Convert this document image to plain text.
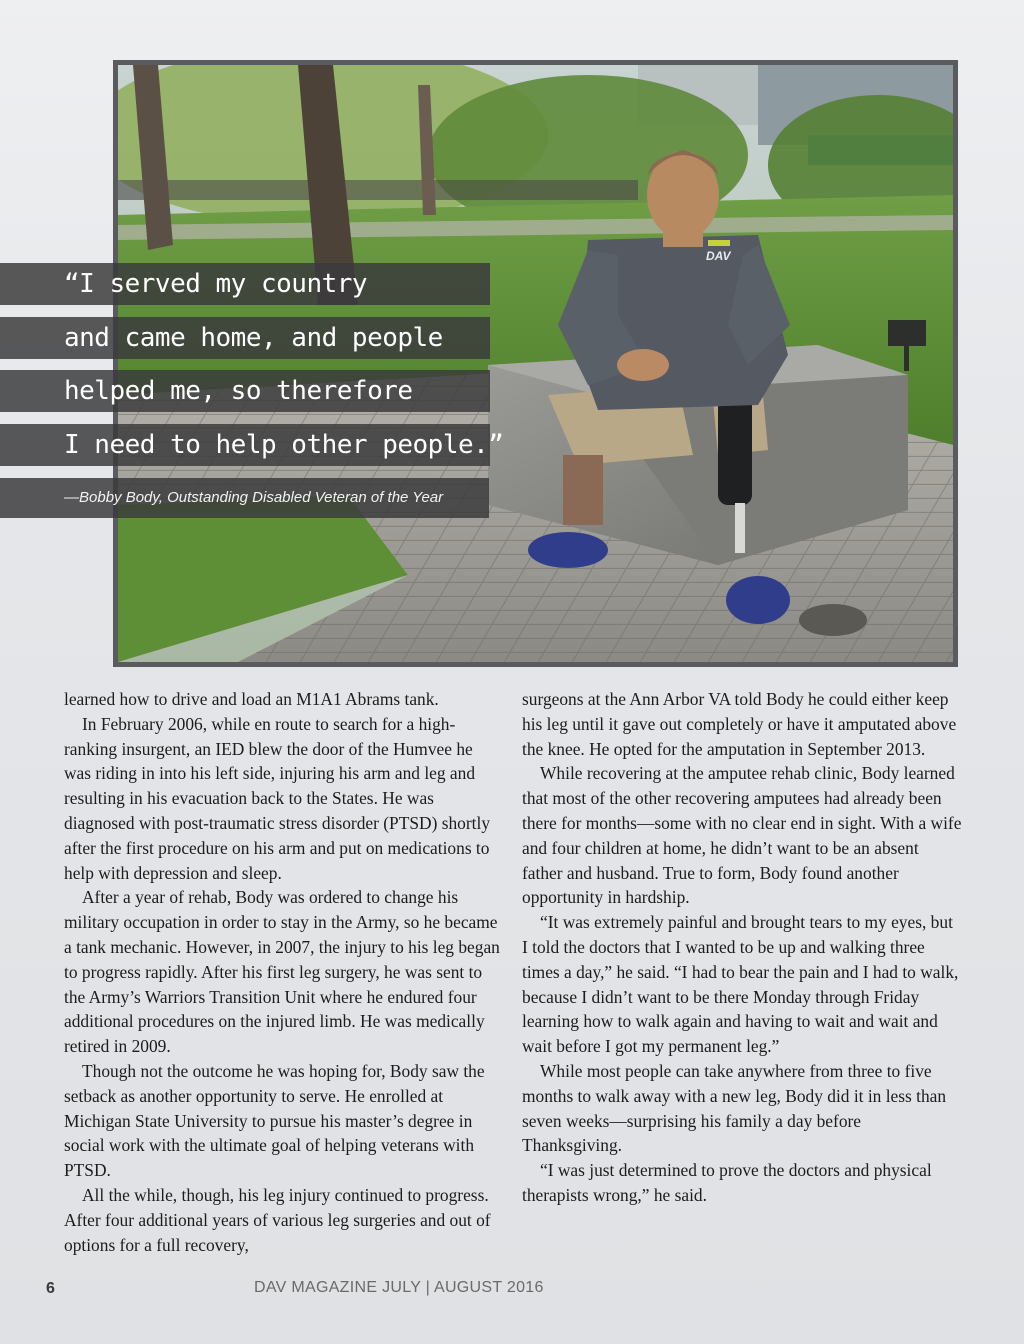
DAV
“I served my country
and came home, and people
helped me, so therefore
I need to help other people.”
—Bobby Body, Outstanding Disabled Veteran of the Year

learned how to drive and load an M1A1 Abrams tank.

In February 2006, while en route to search for a high-ranking insurgent, an IED blew the door of the Humvee he was riding in into his left side, injuring his arm and leg and resulting in his evacuation back to the States. He was diagnosed with post-traumatic stress disorder (PTSD) shortly after the first procedure on his arm and put on medications to help with depression and sleep.

After a year of rehab, Body was ordered to change his military occupation in order to stay in the Army, so he became a tank mechanic. However, in 2007, the injury to his leg began to progress rapidly. After his first leg surgery, he was sent to the Army’s Warriors Transition Unit where he endured four additional procedures on the injured limb. He was medically retired in 2009.

Though not the outcome he was hoping for, Body saw the setback as another opportunity to serve. He enrolled at Michigan State University to pursue his master’s degree in social work with the ultimate goal of helping veterans with PTSD.

All the while, though, his leg injury continued to progress. After four additional years of various leg surgeries and out of options for a full recovery,

surgeons at the Ann Arbor VA told Body he could either keep his leg until it gave out completely or have it amputated above the knee. He opted for the amputation in September 2013.

While recovering at the amputee rehab clinic, Body learned that most of the other recovering amputees had already been there for months—some with no clear end in sight. With a wife and four children at home, he didn’t want to be an absent father and husband. True to form, Body found another opportunity in hardship.

“It was extremely painful and brought tears to my eyes, but I told the doctors that I wanted to be up and walking three times a day,” he said. “I had to bear the pain and I had to walk, because I didn’t want to be there Monday through Friday learning how to walk again and having to wait and wait and wait before I got my permanent leg.”

While most people can take anywhere from three to five months to walk away with a new leg, Body did it in less than seven weeks—surprising his family a day before Thanksgiving.

“I was just determined to prove the doctors and physical therapists wrong,” he said.

6	DAV MAGAZINE JULY | AUGUST 2016
